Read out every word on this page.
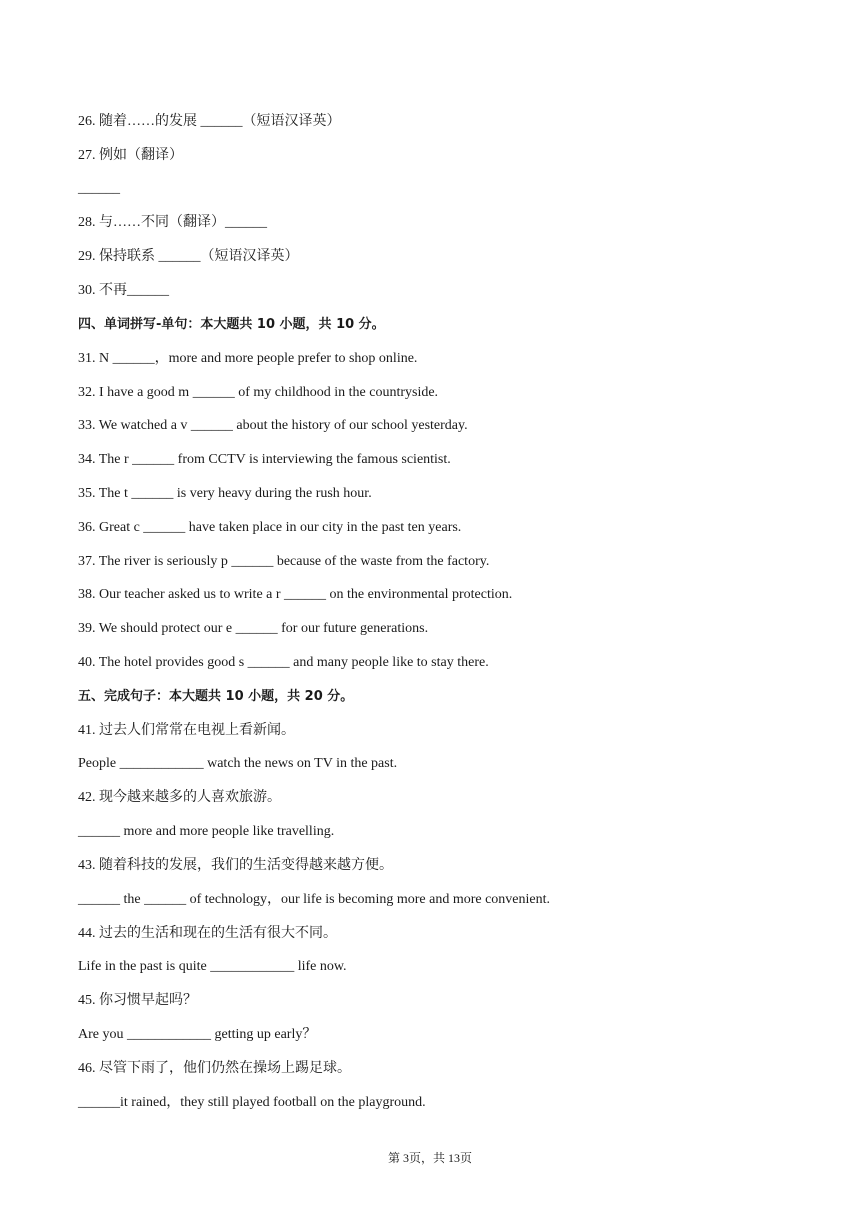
26. 随着……的发展 ______（短语汉译英）
27. 例如（翻译）
______
28. 与……不同（翻译）______
29. 保持联系 ______（短语汉译英）
30. 不再______
四、单词拼写-单句：本大题共 10 小题，共 10 分。
31. N ______，more and more people prefer to shop online.
32. I have a good m ______ of my childhood in the countryside.
33. We watched a v ______ about the history of our school yesterday.
34. The r ______ from CCTV is interviewing the famous scientist.
35. The t ______ is very heavy during the rush hour.
36. Great c ______ have taken place in our city in the past ten years.
37. The river is seriously p ______ because of the waste from the factory.
38. Our teacher asked us to write a r ______ on the environmental protection.
39. We should protect our e ______ for our future generations.
40. The hotel provides good s ______ and many people like to stay there.
五、完成句子：本大题共 10 小题，共 20 分。
41. 过去人们常常在电视上看新闻。
People ____________ watch the news on TV in the past.
42. 现今越来越多的人喜欢旅游。
______ more and more people like travelling.
43. 随着科技的发展，我们的生活变得越来越方便。
______ the ______ of technology，our life is becoming more and more convenient.
44. 过去的生活和现在的生活有很大不同。
Life in the past is quite ____________ life now.
45. 你习惯早起吗？
Are you ____________ getting up early？
46. 尽管下雨了，他们仍然在操场上踢足球。
______it rained，they still played football on the playground.
第 3页，共 13页
